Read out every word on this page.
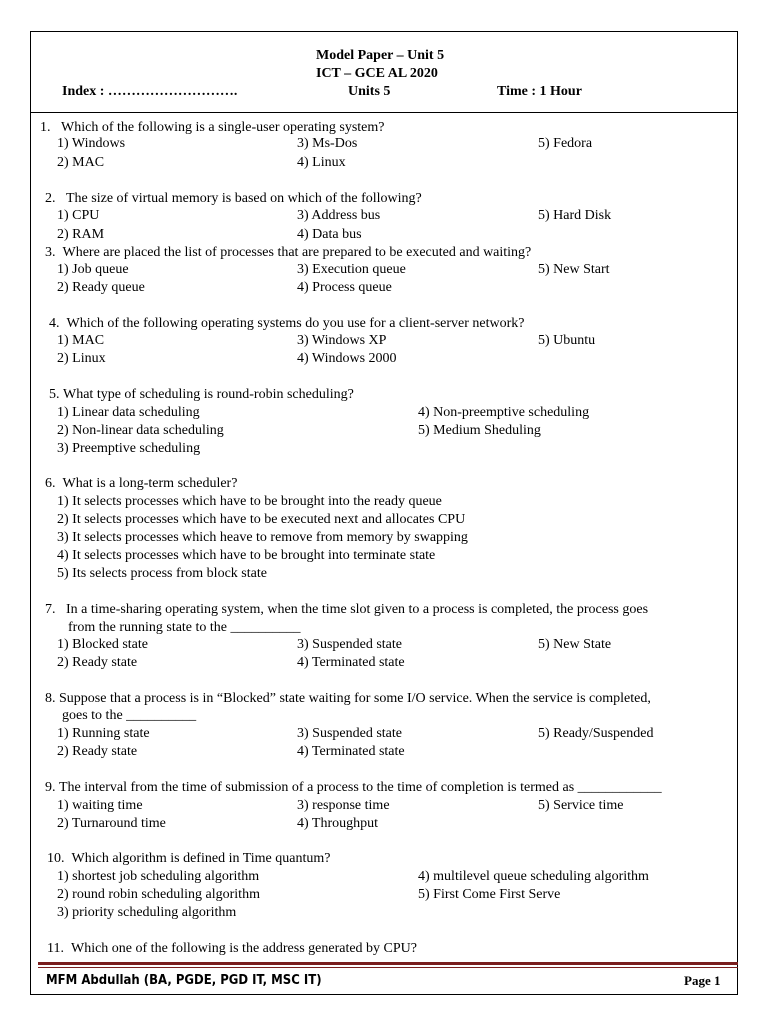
Model Paper – Unit 5
ICT – GCE AL 2020
Index : ……………………….	Units 5	Time : 1 Hour
1. Which of the following is a single-user operating system?
1) Windows	3) Ms-Dos	5) Fedora
2) MAC	4) Linux
2. The size of virtual memory is based on which of the following?
1) CPU	3) Address bus	5) Hard Disk
2) RAM	4) Data bus
3. Where are placed the list of processes that are prepared to be executed and waiting?
1) Job queue	3) Execution queue	5) New Start
2) Ready queue	4) Process queue
4. Which of the following operating systems do you use for a client-server network?
1) MAC	3) Windows XP	5) Ubuntu
2) Linux	4) Windows 2000
5. What type of scheduling is round-robin scheduling?
1) Linear data scheduling	4) Non-preemptive scheduling
2) Non-linear data scheduling	5) Medium Sheduling
3) Preemptive scheduling
6. What is a long-term scheduler?
1) It selects processes which have to be brought into the ready queue
2) It selects processes which have to be executed next and allocates CPU
3) It selects processes which heave to remove from memory by swapping
4) It selects processes which have to be brought into terminate state
5) Its selects process from block state
7. In a time-sharing operating system, when the time slot given to a process is completed, the process goes
from the running state to the __________
1) Blocked state	3) Suspended state	5) New State
2) Ready state	4) Terminated state
8. Suppose that a process is in “Blocked” state waiting for some I/O service. When the service is completed,
goes to the __________
1) Running state	3) Suspended state	5) Ready/Suspended
2) Ready state	4) Terminated state
9. The interval from the time of submission of a process to the time of completion is termed as ____________
1) waiting time	3) response time	5) Service time
2) Turnaround time	4) Throughput
10. Which algorithm is defined in Time quantum?
1) shortest job scheduling algorithm	4) multilevel queue scheduling algorithm
2) round robin scheduling algorithm	5) First Come First Serve
3) priority scheduling algorithm
11. Which one of the following is the address generated by CPU?
MFM Abdullah (BA, PGDE, PGD IT, MSC IT)	Page 1
